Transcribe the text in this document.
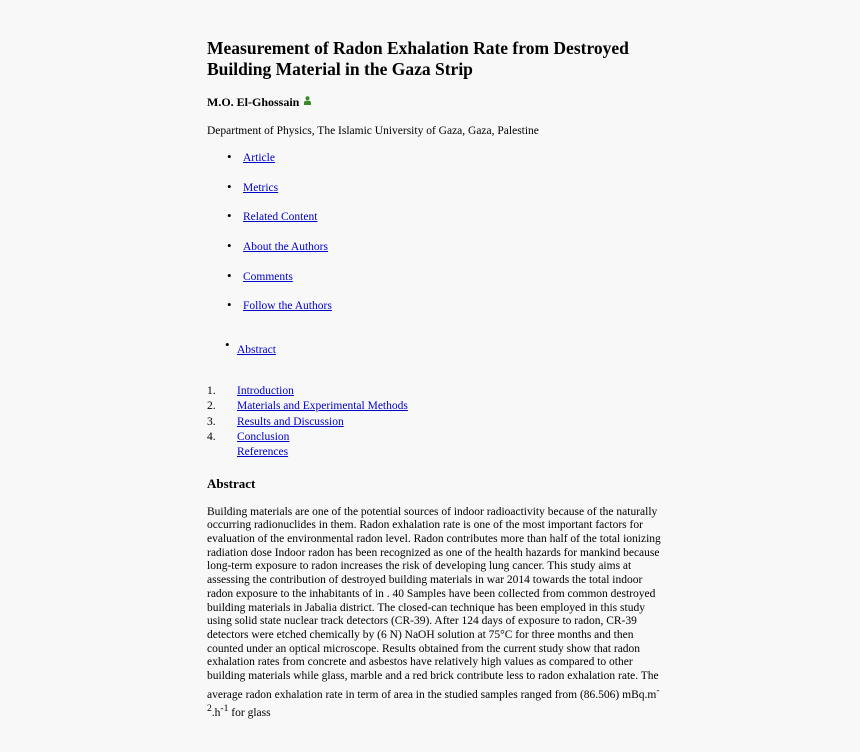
Measurement of Radon Exhalation Rate from Destroyed Building Material in the Gaza Strip
M.O. El-Ghossain
Department of Physics, The Islamic University of Gaza, Gaza, Palestine
• Article
• Metrics
• Related Content
• About the Authors
• Comments
• Follow the Authors
• Abstract
1. Introduction
2. Materials and Experimental Methods
3. Results and Discussion
4. Conclusion
References
Abstract

Building materials are one of the potential sources of indoor radioactivity because of the naturally occurring radionuclides in them. Radon exhalation rate is one of the most important factors for evaluation of the environmental radon level. Radon contributes more than half of the total ionizing radiation dose Indoor radon has been recognized as one of the health hazards for mankind because long-term exposure to radon increases the risk of developing lung cancer. This study aims at assessing the contribution of destroyed building materials in war 2014 towards the total indoor radon exposure to the inhabitants of in . 40 Samples have been collected from common destroyed building materials in Jabalia district. The closed-can technique has been employed in this study using solid state nuclear track detectors (CR-39). After 124 days of exposure to radon, CR-39 detectors were etched chemically by (6 N) NaOH solution at 75°C for three months and then counted under an optical microscope. Results obtained from the current study show that radon exhalation rates from concrete and asbestos have relatively high values as compared to other building materials while glass, marble and a red brick contribute less to radon exhalation rate. The average radon exhalation rate in term of area in the studied samples ranged from (86.506) $mBq.m^{-2}.h^{-1}$ for glass
